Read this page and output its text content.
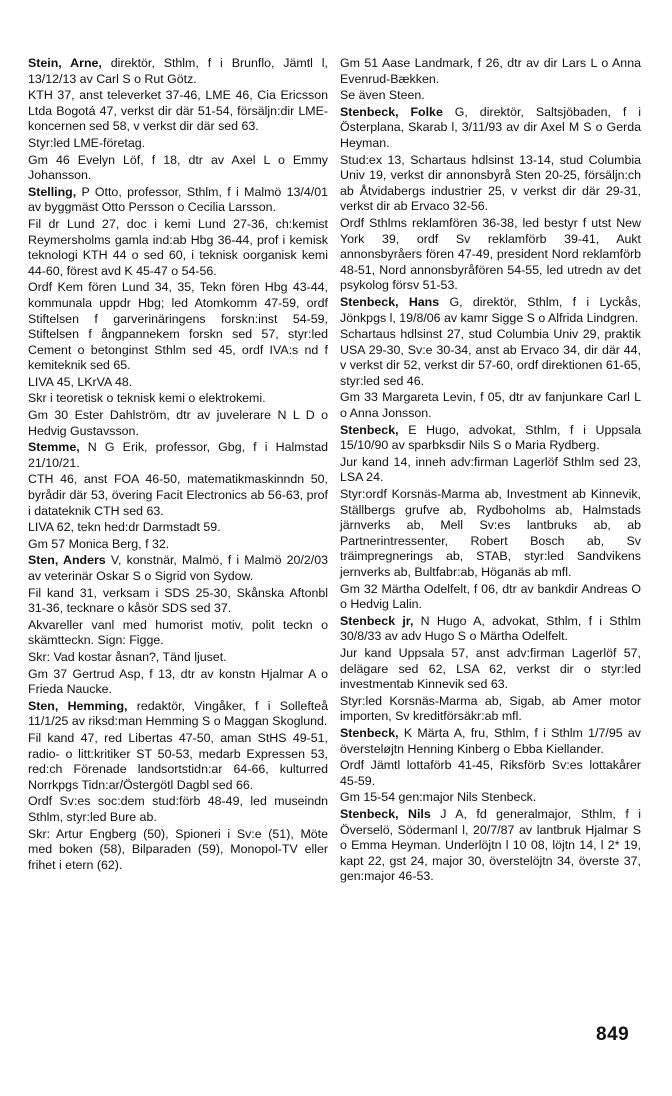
Stein, Arne, direktör, Sthlm, f i Brunflo, Jämtl l, 13/12/13 av Carl S o Rut Götz.
KTH 37, anst televerket 37-46, LME 46, Cia Ericsson Ltda Bogotá 47, verkst dir där 51-54, försäljn:dir LME-koncernen sed 58, v verkst dir där sed 63.
Styr:led LME-företag.
Gm 46 Evelyn Löf, f 18, dtr av Axel L o Emmy Johansson.
Stelling, P Otto, professor, Sthlm, f i Malmö 13/4/01 av byggmäst Otto Persson o Cecilia Larsson.
Fil dr Lund 27, doc i kemi Lund 27-36, ch:kemist Reymersholms gamla ind:ab Hbg 36-44, prof i kemisk teknologi KTH 44 o sed 60, i teknisk oorganisk kemi 44-60, förest avd K 45-47 o 54-56.
Ordf Kem fören Lund 34, 35, Tekn fören Hbg 43-44, kommunala uppdr Hbg; led Atomkomm 47-59, ordf Stiftelsen f garverinäringens forskn:inst 54-59, Stiftelsen f ångpannekem forskn sed 57, styr:led Cement o betonginst Sthlm sed 45, ordf IVA:s nd f kemiteknik sed 65.
LIVA 45, LKrVA 48.
Skr i teoretisk o teknisk kemi o elektrokemi.
Gm 30 Ester Dahlström, dtr av juvelerare N L D o Hedvig Gustavsson.
Stemme, N G Erik, professor, Gbg, f i Halmstad 21/10/21.
CTH 46, anst FOA 46-50, matematikmaskinndn 50, byrådir där 53, övering Facit Electronics ab 56-63, prof i datateknik CTH sed 63.
LIVA 62, tekn hed:dr Darmstadt 59.
Gm 57 Monica Berg, f 32.
Sten, Anders V, konstnär, Malmö, f i Malmö 20/2/03 av veterinär Oskar S o Sigrid von Sydow.
Fil kand 31, verksam i SDS 25-30, Skånska Aftonbl 31-36, tecknare o kåsör SDS sed 37.
Akvareller vanl med humorist motiv, polit teckn o skämtteckn. Sign: Figge.
Skr: Vad kostar åsnan?, Tänd ljuset.
Gm 37 Gertrud Asp, f 13, dtr av konstn Hjalmar A o Frieda Naucke.
Sten, Hemming, redaktör, Vingåker, f i Sollefteå 11/1/25 av riksd:man Hemming S o Maggan Skoglund.
Fil kand 47, red Libertas 47-50, aman StHS 49-51, radio- o litt:kritiker ST 50-53, medarb Expressen 53, red:ch Förenade landsortstidn:ar 64-66, kulturred Norrkpgs Tidn:ar/Östergötl Dagbl sed 66.
Ordf Sv:es soc:dem stud:förb 48-49, led museindn Sthlm, styr:led Bure ab.
Skr: Artur Engberg (50), Spioneri i Sv:e (51), Möte med boken (58), Bilparaden (59), Monopol-TV eller frihet i etern (62).
Gm 51 Aase Landmark, f 26, dtr av dir Lars L o Anna Evenrud-Bækken.
Se även Steen.
Stenbeck, Folke G, direktör, Saltsjöbaden, f i Österplana, Skarab l, 3/11/93 av dir Axel M S o Gerda Heyman.
Stud:ex 13, Schartaus hdlsinst 13-14, stud Columbia Univ 19, verkst dir annonsbyrå Sten 20-25, försäljn:ch ab Åtvidabergs industrier 25, v verkst dir där 29-31, verkst dir ab Ervaco 32-56.
Ordf Sthlms reklamfören 36-38, led bestyr f utst New York 39, ordf Sv reklamförb 39-41, Aukt annonsbyråers fören 47-49, president Nord reklamförb 48-51, Nord annonsbyråfören 54-55, led utredn av det psykolog försv 51-53.
Stenbeck, Hans G, direktör, Sthlm, f i Lyckås, Jönkpgs l, 19/8/06 av kamr Sigge S o Alfrida Lindgren.
Schartaus hdlsinst 27, stud Columbia Univ 29, praktik USA 29-30, Sv:e 30-34, anst ab Ervaco 34, dir där 44, v verkst dir 52, verkst dir 57-60, ordf direktionen 61-65, styr:led sed 46.
Gm 33 Margareta Levin, f 05, dtr av fanjunkare Carl L o Anna Jonsson.
Stenbeck, E Hugo, advokat, Sthlm, f i Uppsala 15/10/90 av sparbksdir Nils S o Maria Rydberg.
Jur kand 14, inneh adv:firman Lagerlöf Sthlm sed 23, LSA 24.
Styr:ordf Korsnäs-Marma ab, Investment ab Kinnevik, Ställbergs grufve ab, Rydboholms ab, Halmstads järnverks ab, Mell Sv:es lantbruks ab, ab Partnerintressenter, Robert Bosch ab, Sv träimpregnerings ab, STAB, styr:led Sandvikens jernverks ab, Bultfabr:ab, Höganäs ab mfl.
Gm 32 Märtha Odelfelt, f 06, dtr av bankdir Andreas O o Hedvig Lalin.
Stenbeck jr, N Hugo A, advokat, Sthlm, f i Sthlm 30/8/33 av adv Hugo S o Märtha Odelfelt.
Jur kand Uppsala 57, anst adv:firman Lagerlöf 57, delägare sed 62, LSA 62, verkst dir o styr:led investmentab Kinnevik sed 63.
Styr:led Korsnäs-Marma ab, Sigab, ab Amer motor importen, Sv kreditförsäkr:ab mfl.
Stenbeck, K Märta A, fru, Sthlm, f i Sthlm 1/7/95 av översteløjtn Henning Kinberg o Ebba Kiellander.
Ordf Jämtl lottaförb 41-45, Riksförb Sv:es lottakårer 45-59.
Gm 15-54 gen:major Nils Stenbeck.
Stenbeck, Nils J A, fd generalmajor, Sthlm, f i Överselö, Södermanl l, 20/7/87 av lantbruk Hjalmar S o Emma Heyman. Underlöjtn l 10 08, löjtn 14, l 2* 19, kapt 22, gst 24, major 30, överstelöjtn 34, överste 37, gen:major 46-53.
849
